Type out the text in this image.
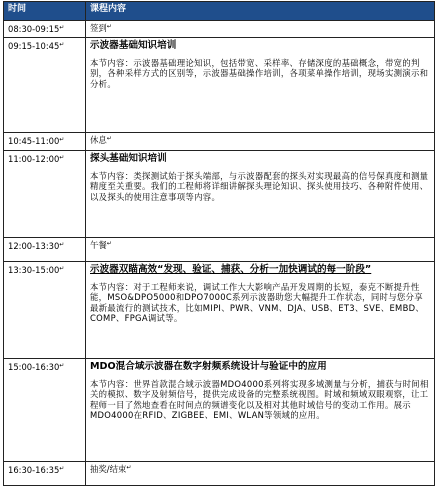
时间	课程内容
08:30-09:15↵	签到↵
09:15-10:45↵	示波器基础知识培训
本节内容：示波器基础理论知识，包括带宽、采样率、存储深度的基础概念，带宽的判别，各种采样方式的区别等，示波器基础操作培训，各项菜单操作培训，现场实测演示和分析。

10:45-11:00↵	休息↵
11:00-12:00↵	探头基础知识培训
本节内容：类探测试始于探头端部，与示波器配套的探头对实现最高的信号保真度和测量精度至关重要。我们的工程师将详细讲解探头理论知识、探头使用技巧、各种附件使用、以及探头的使用注意事项等内容。

12:00-13:30↵	午餐↵
13:30-15:00↵	示波器双瞄高效“发现、验证、捕获、分析一加快调试的每一阶段”
本节内容：对于工程师来说，调试工作大大影响产品开发周期的长短，泰克不断提升性能，MSO&DPO5000和DPO7000C系列示波器助您大幅提升工作状态，同时与您分享最新最流行的测试技术，比如MIPI、PWR、VNM、DJA、USB、ET3、SVE、EMBD、COMP、FPGA调试等。

15:00-16:30↵	MDO混合域示波器在数字射频系统设计与验证中的应用
本节内容：世界首款混合域示波器MDO4000系列将实现多域测量与分析，捕获与时间相关的模拟、数字及射频信号，提供完成设备的完整系统视图。时域和频域双眼观察，让工程师一目了然地查看在时间点的频谱变化以及相对其他时域信号的变动工作用。展示MDO4000在RFID、ZIGBEE、EMI、WLAN等领域的应用。

16:30-16:35↵	抽奖/结束↵
